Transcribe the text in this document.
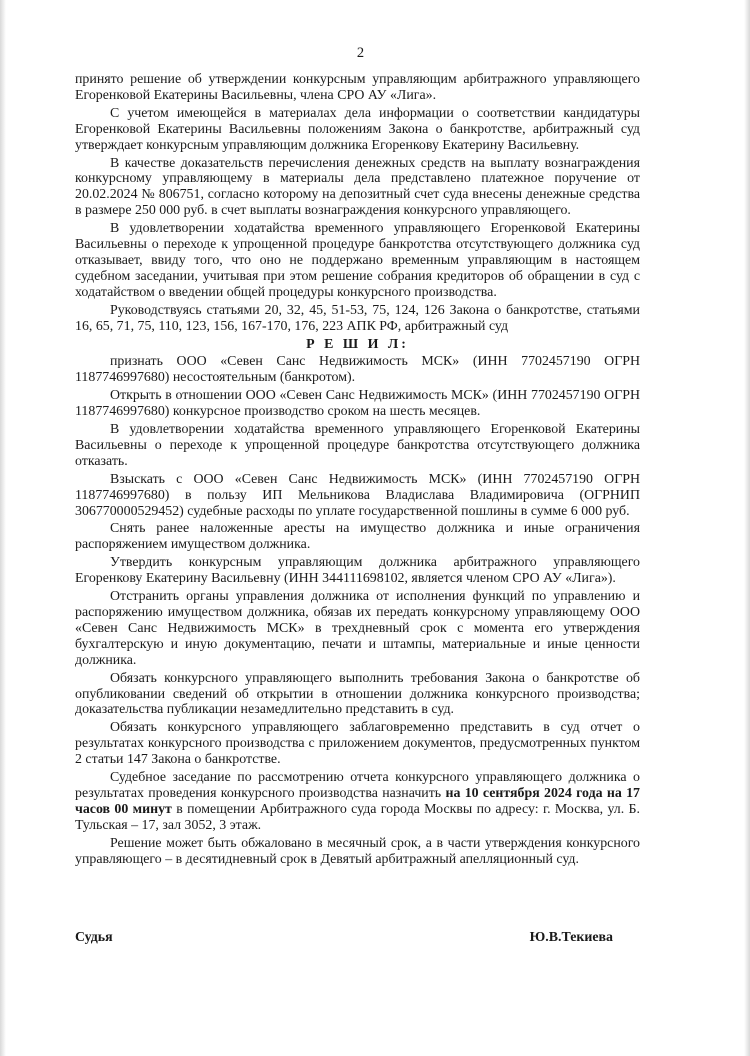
2

принято решение об утверждении конкурсным управляющим арбитражного управляющего Егоренковой Екатерины Васильевны, члена СРО АУ «Лига».

С учетом имеющейся в материалах дела информации о соответствии кандидатуры Егоренковой Екатерины Васильевны положениям Закона о банкротстве, арбитражный суд утверждает конкурсным управляющим должника Егоренкову Екатерину Васильевну.

В качестве доказательств перечисления денежных средств на выплату вознаграждения конкурсному управляющему в материалы дела представлено платежное поручение от 20.02.2024 № 806751, согласно которому на депозитный счет суда внесены денежные средства в размере 250 000 руб. в счет выплаты вознаграждения конкурсного управляющего.

В удовлетворении ходатайства временного управляющего Егоренковой Екатерины Васильевны о переходе к упрощенной процедуре банкротства отсутствующего должника суд отказывает, ввиду того, что оно не поддержано временным управляющим в настоящем судебном заседании, учитывая при этом решение собрания кредиторов об обращении в суд с ходатайством о введении общей процедуры конкурсного производства.

Руководствуясь статьями 20, 32, 45, 51-53, 75, 124, 126 Закона о банкротстве, статьями 16, 65, 71, 75, 110, 123, 156, 167-170, 176, 223 АПК РФ, арбитражный суд

Р Е Ш И Л:

признать ООО «Севен Санс Недвижимость МСК» (ИНН 7702457190 ОГРН 1187746997680) несостоятельным (банкротом).

Открыть в отношении ООО «Севен Санс Недвижимость МСК» (ИНН 7702457190 ОГРН 1187746997680) конкурсное производство сроком на шесть месяцев.

В удовлетворении ходатайства временного управляющего Егоренковой Екатерины Васильевны о переходе к упрощенной процедуре банкротства отсутствующего должника отказать.

Взыскать с ООО «Севен Санс Недвижимость МСК» (ИНН 7702457190 ОГРН 1187746997680) в пользу ИП Мельникова Владислава Владимировича (ОГРНИП 306770000529452) судебные расходы по уплате государственной пошлины в сумме 6 000 руб.

Снять ранее наложенные аресты на имущество должника и иные ограничения распоряжением имуществом должника.

Утвердить конкурсным управляющим должника арбитражного управляющего Егоренкову Екатерину Васильевну (ИНН 344111698102, является членом СРО АУ «Лига»).

Отстранить органы управления должника от исполнения функций по управлению и распоряжению имуществом должника, обязав их передать конкурсному управляющему ООО «Севен Санс Недвижимость МСК» в трехдневный срок с момента его утверждения бухгалтерскую и иную документацию, печати и штампы, материальные и иные ценности должника.

Обязать конкурсного управляющего выполнить требования Закона о банкротстве об опубликовании сведений об открытии в отношении должника конкурсного производства; доказательства публикации незамедлительно представить в суд.

Обязать конкурсного управляющего заблаговременно представить в суд отчет о результатах конкурсного производства с приложением документов, предусмотренных пунктом 2 статьи 147 Закона о банкротстве.

Судебное заседание по рассмотрению отчета конкурсного управляющего должника о результатах проведения конкурсного производства назначить на 10 сентября 2024 года на 17 часов 00 минут в помещении Арбитражного суда города Москвы по адресу: г. Москва, ул. Б. Тульская – 17, зал 3052, 3 этаж.

Решение может быть обжаловано в месячный срок, а в части утверждения конкурсного управляющего – в десятидневный срок в Девятый арбитражный апелляционный суд.

Судья	Ю.В.Текиева
